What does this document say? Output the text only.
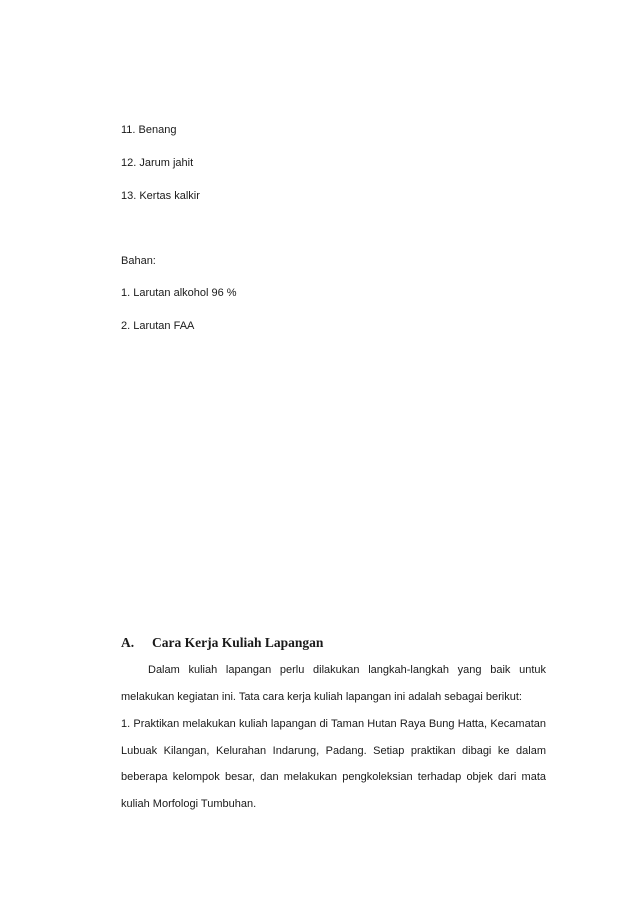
11. Benang
12. Jarum jahit
13. Kertas kalkir
Bahan:
1. Larutan alkohol 96 %
2. Larutan FAA
A. Cara Kerja Kuliah Lapangan
Dalam kuliah lapangan perlu dilakukan langkah-langkah yang baik untuk melakukan kegiatan ini. Tata cara kerja kuliah lapangan ini adalah sebagai berikut:
1. Praktikan melakukan kuliah lapangan di Taman Hutan Raya Bung Hatta, Kecamatan Lubuak Kilangan, Kelurahan Indarung, Padang. Setiap praktikan dibagi ke dalam beberapa kelompok besar, dan melakukan pengkoleksian terhadap objek dari mata kuliah Morfologi Tumbuhan.
